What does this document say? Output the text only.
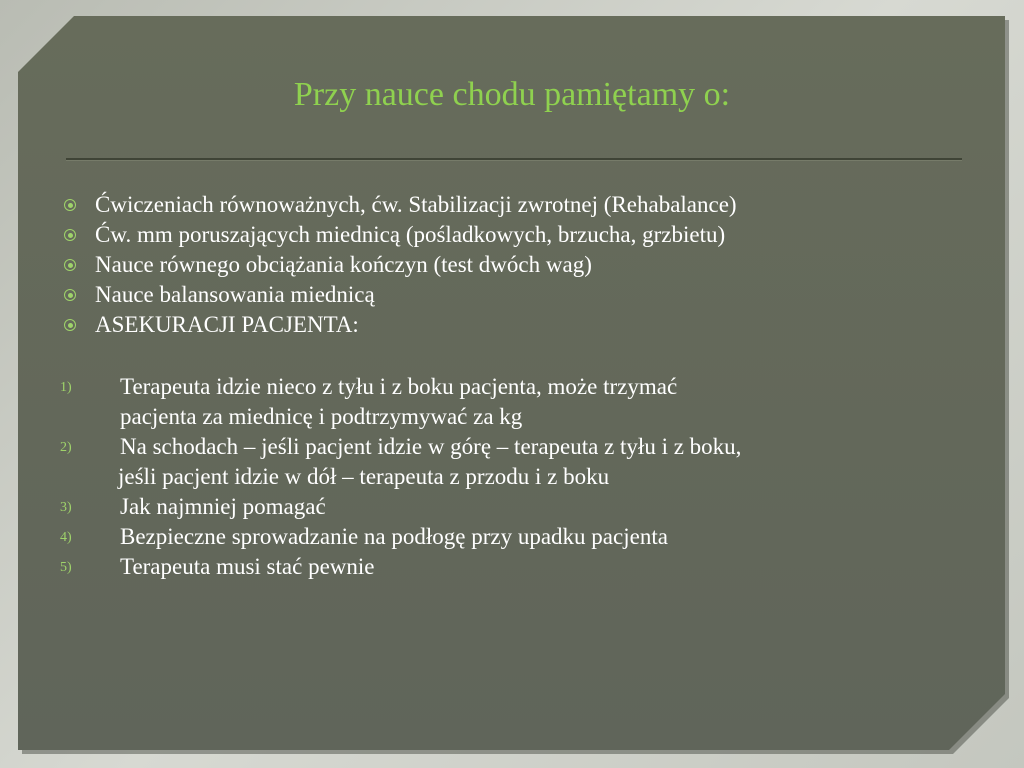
Przy nauce chodu pamiętamy o:
Ćwiczeniach równoważnych, ćw. Stabilizacji zwrotnej (Rehabalance)
Ćw. mm poruszających miednicą (pośladkowych, brzucha, grzbietu)
Nauce równego obciążania kończyn (test dwóch wag)
Nauce balansowania miednicą
ASEKURACJI PACJENTA:
1) Terapeuta idzie nieco z tyłu i z boku pacjenta, może trzymać
pacjenta za miednicę i podtrzymywać za kg
2) Na schodach – jeśli pacjent idzie w górę – terapeuta z tyłu i z boku,
jeśli pacjent idzie w dół – terapeuta z przodu i z boku
3) Jak najmniej pomagać
4) Bezpieczne sprowadzanie na podłogę przy upadku pacjenta
5) Terapeuta musi stać pewnie
